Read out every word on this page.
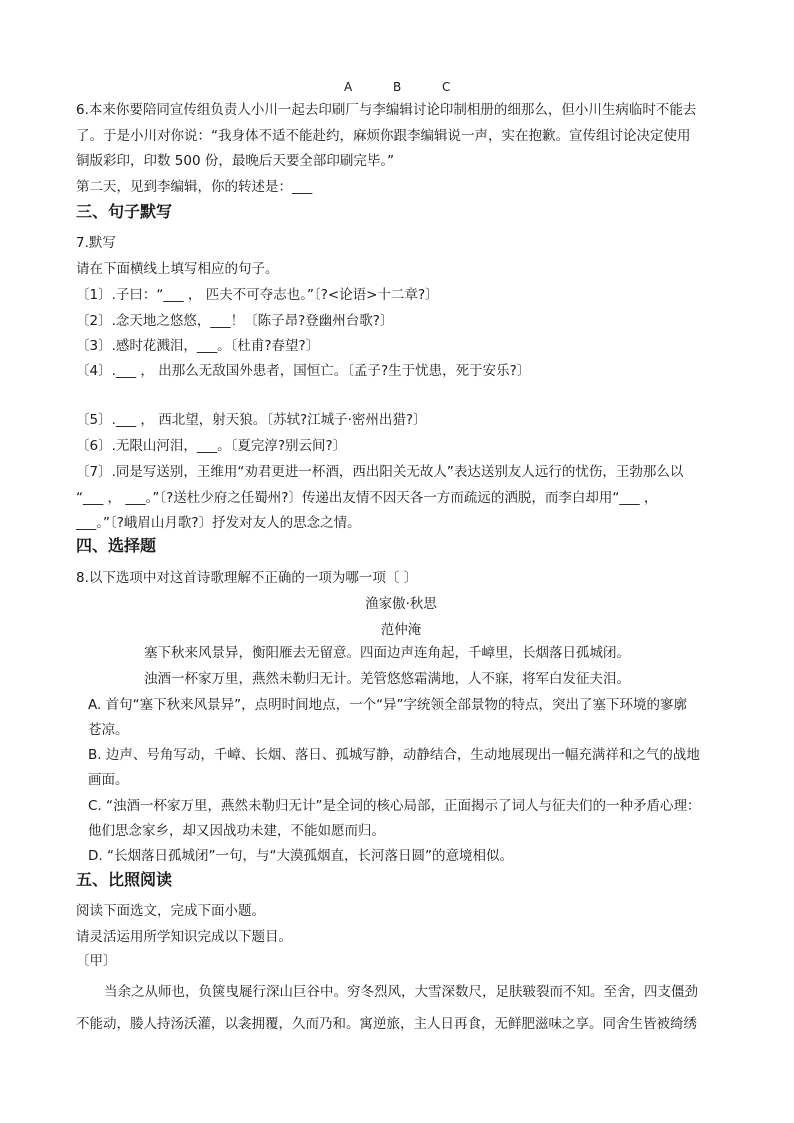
A	B	C
6.本来你要陪同宣传组负责人小川一起去印刷厂与李编辑讨论印制相册的细那么，但小川生病临时不能去
了。于是小川对你说：“我身体不适不能赴约，麻烦你跟李编辑说一声，实在抱歉。宣传组讨论决定使用
铜版彩印，印数 500 份，最晚后天要全部印刷完毕。”
第二天，见到李编辑，你的转述是：___
三、句子默写
7.默写
请在下面横线上填写相应的句子。
〔1〕.子曰：“___ ， 匹夫不可夺志也。”〔?<论语>十二章?〕
〔2〕.念天地之悠悠，___！〔陈子昂?登幽州台歌?〕
〔3〕.感时花溅泪，___。〔杜甫?春望?〕
〔4〕.___ ， 出那么无敌国外患者，国恒亡。〔孟子?生于忧患，死于安乐?〕
〔5〕.___ ， 西北望，射天狼。〔苏轼?江城子·密州出猎?〕
〔6〕.无限山河泪，___。〔夏完淳?别云间?〕
〔7〕.同是写送别，王维用“劝君更进一杯酒，西出阳关无故人”表达送别友人远行的忧伤，王勃那么以
“___ ， ___。”〔?送杜少府之任蜀州?〕传递出友情不因天各一方而疏远的洒脱，而李白却用“___ ，
___。”〔?峨眉山月歌?〕抒发对友人的思念之情。
四、选择题
8.以下选项中对这首诗歌理解不正确的一项为哪一项〔 〕
渔家傲·秋思
范仲淹
塞下秋来风景异，衡阳雁去无留意。四面边声连角起，千嶂里，长烟落日孤城闭。
浊酒一杯家万里，燕然未勒归无计。羌管悠悠霜满地，人不寐，将军白发征夫泪。
A. 首句“塞下秋来风景异”，点明时间地点，一个“异”字统领全部景物的特点，突出了塞下环境的寥廓
苍凉。
B. 边声、号角写动，千嶂、长烟、落日、孤城写静，动静结合，生动地展现出一幅充满祥和之气的战地
画面。
C. “浊酒一杯家万里，燕然未勒归无计”是全词的核心局部，正面揭示了词人与征夫们的一种矛盾心理：
他们思念家乡，却又因战功未建，不能如愿而归。
D. “长烟落日孤城闭”一句，与“大漠孤烟直，长河落日圆”的意境相似。
五、比照阅读
阅读下面选文，完成下面小题。
请灵活运用所学知识完成以下题目。
〔甲〕
当余之从师也，负箧曳屣行深山巨谷中。穷冬烈风，大雪深数尺，足肤皲裂而不知。至舍，四支僵劲
不能动，媵人持汤沃灌，以衾拥覆，久而乃和。寓逆旅，主人日再食，无鲜肥滋味之享。同舍生皆被绮绣
